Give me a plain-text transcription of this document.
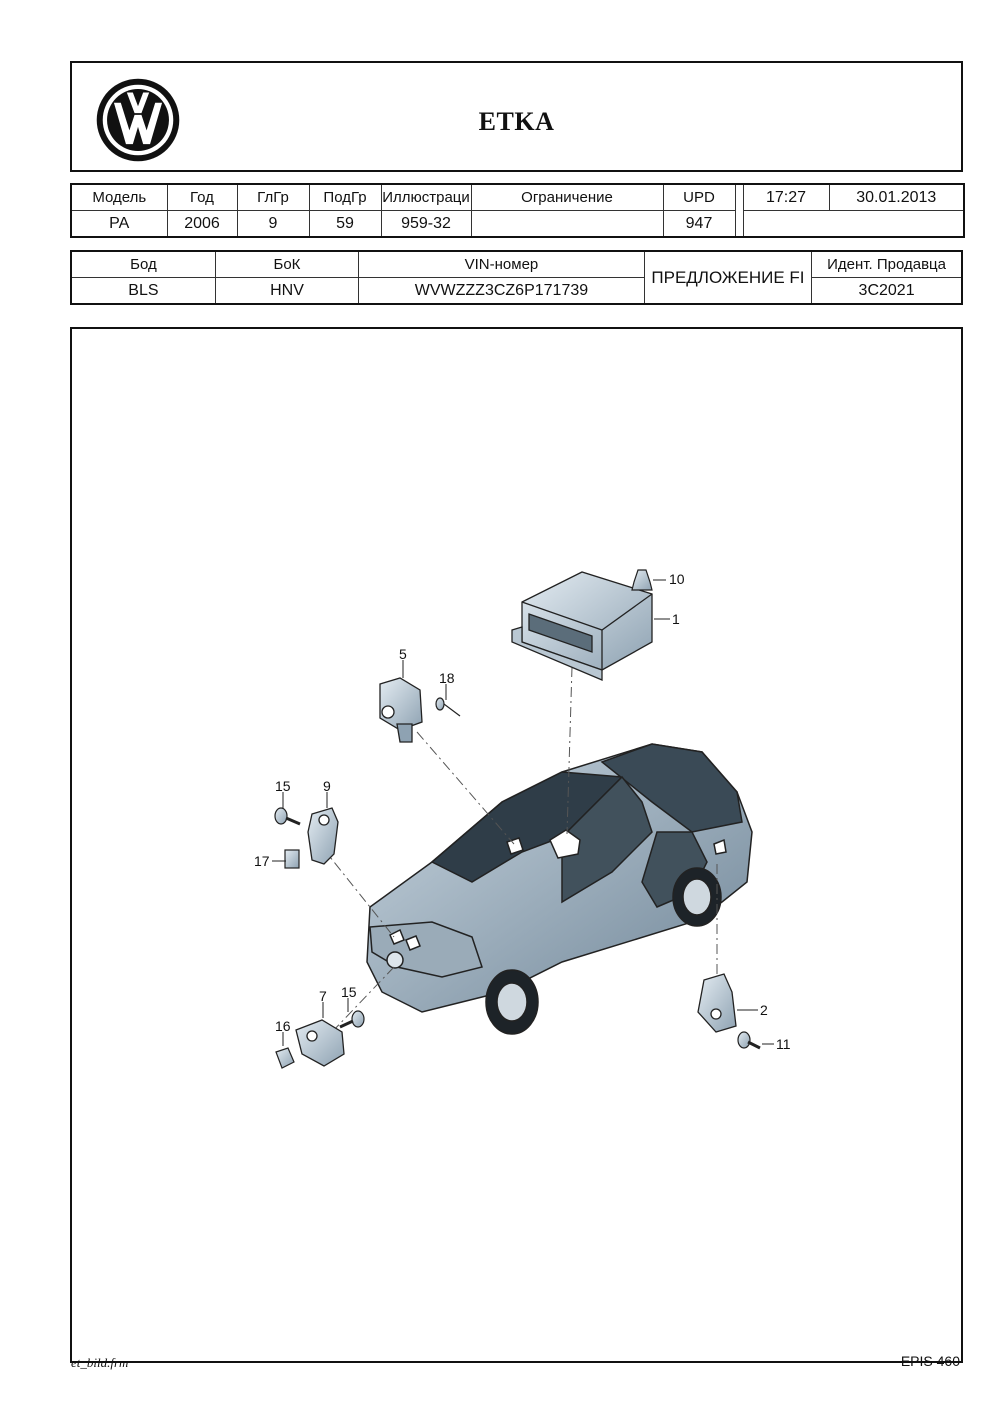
ETKA
Модель	Год	ГлГр	ПодГр	Иллюстраци	Ограничение	UPD		17:27	30.01.2013
PA	2006	9	59	959-32		947			
Бод	БоК	VIN-номер	ПРЕДЛОЖЕНИЕ FI	Идент. Продавца
BLS	HNV	WVWZZZ3CZ6P171739		3C2021
10
1
5
18
15 9
17
7 15
16
2
11
et_bild.frm	EPIS 460
